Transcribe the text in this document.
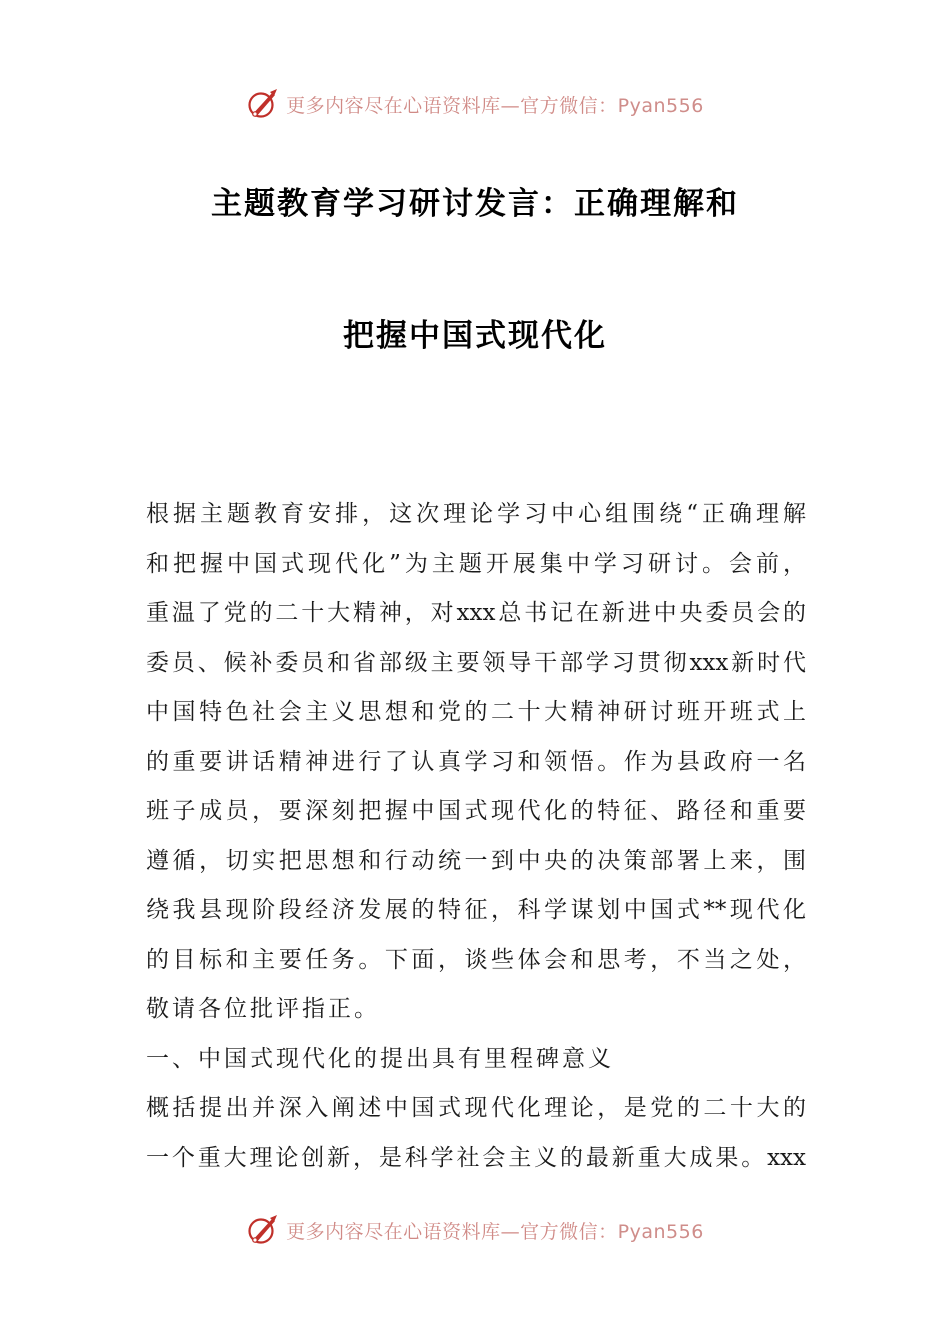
更多内容尽在心语资料库—官方微信：Pyan556
主题教育学习研讨发言：正确理解和
把握中国式现代化
根据主题教育安排，这次理论学习中心组围绕“正确理解
和把握中国式现代化”为主题开展集中学习研讨。会前，
重温了党的二十大精神，对xxx总书记在新进中央委员会的
委员、候补委员和省部级主要领导干部学习贯彻xxx新时代
中国特色社会主义思想和党的二十大精神研讨班开班式上
的重要讲话精神进行了认真学习和领悟。作为县政府一名
班子成员，要深刻把握中国式现代化的特征、路径和重要
遵循，切实把思想和行动统一到中央的决策部署上来，围
绕我县现阶段经济发展的特征，科学谋划中国式**现代化
的目标和主要任务。下面，谈些体会和思考，不当之处，
敬请各位批评指正。
一、中国式现代化的提出具有里程碑意义
概括提出并深入阐述中国式现代化理论，是党的二十大的
一个重大理论创新，是科学社会主义的最新重大成果。xxx
更多内容尽在心语资料库—官方微信：Pyan556
